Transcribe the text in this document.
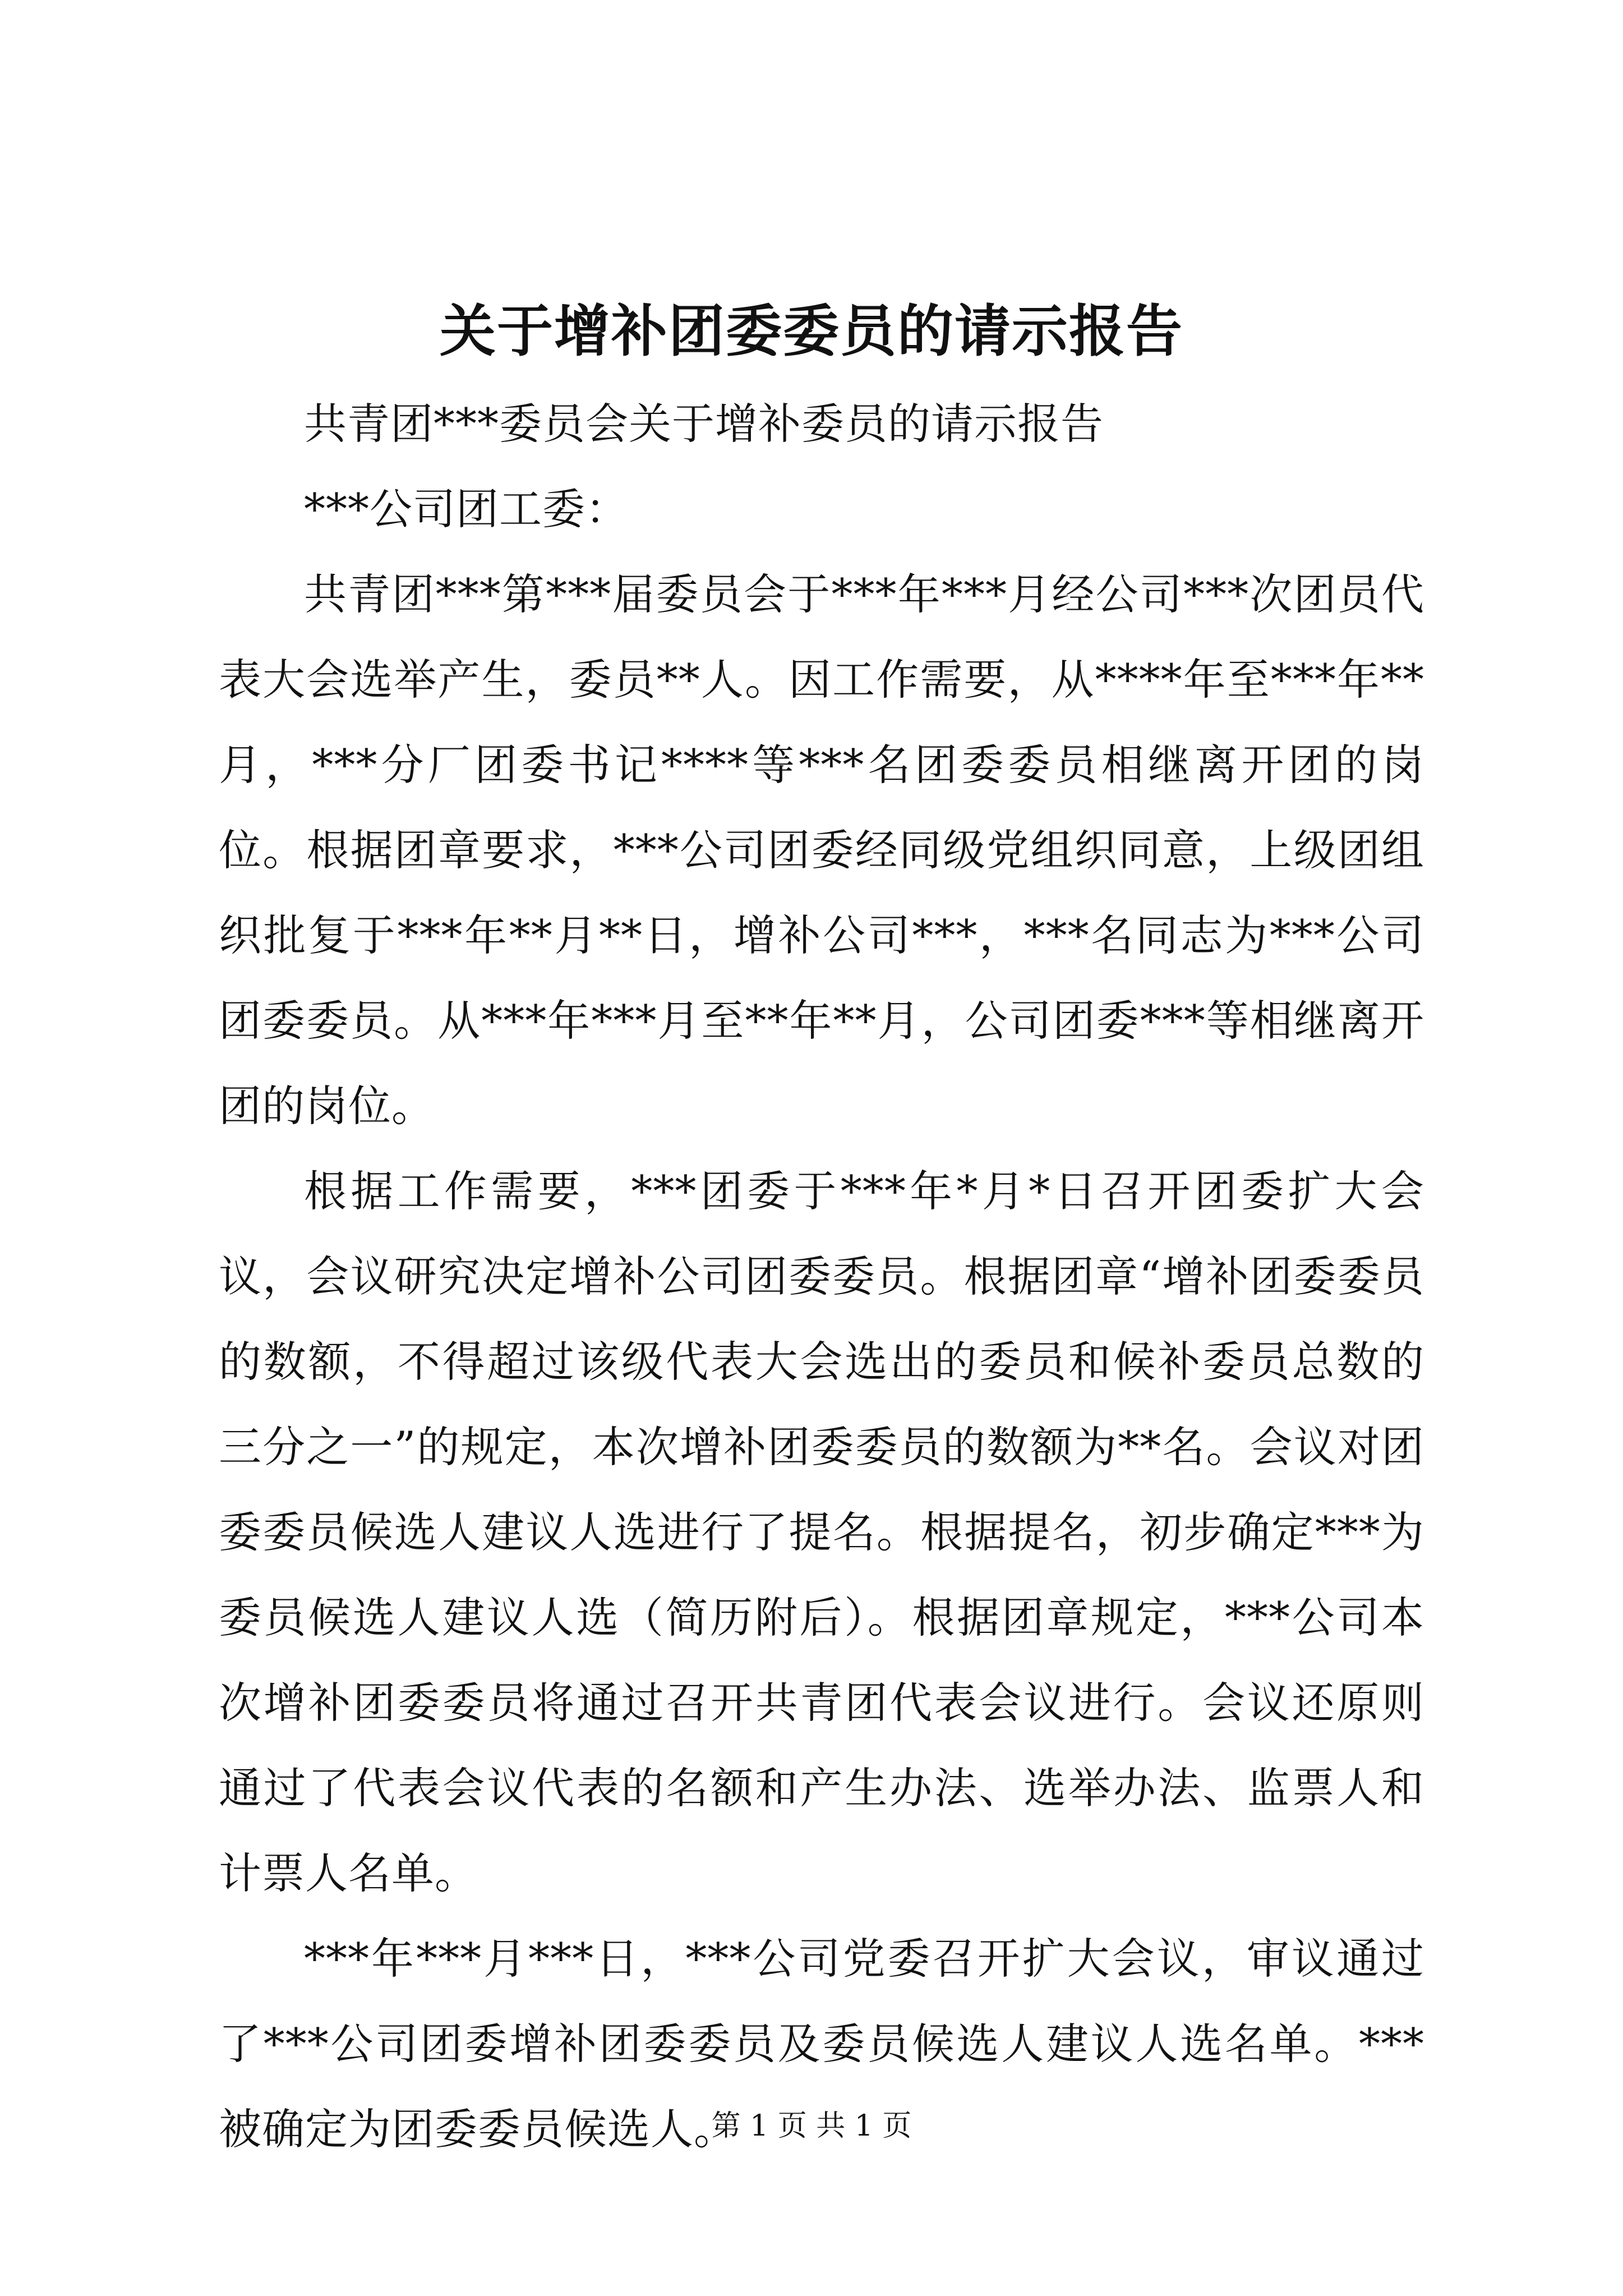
关于增补团委委员的请示报告

共青团***委员会关于增补委员的请示报告

***公司团工委：

共青团***第***届委员会于***年***月经公司***次团员代表大会选举产生，委员**人。因工作需要，从****年至***年**月，***分厂团委书记****等***名团委委员相继离开团的岗位。根据团章要求，***公司团委经同级党组织同意，上级团组织批复于***年**月**日，增补公司***，***名同志为***公司团委委员。从***年***月至**年**月，公司团委***等相继离开团的岗位。

根据工作需要，***团委于***年*月*日召开团委扩大会议，会议研究决定增补公司团委委员。根据团章“增补团委委员的数额，不得超过该级代表大会选出的委员和候补委员总数的三分之一”的规定，本次增补团委委员的数额为**名。会议对团委委员候选人建议人选进行了提名。根据提名，初步确定***为委员候选人建议人选（简历附后）。根据团章规定，***公司本次增补团委委员将通过召开共青团代表会议进行。会议还原则通过了代表会议代表的名额和产生办法、选举办法、监票人和计票人名单。

***年***月***日，***公司党委召开扩大会议，审议通过了***公司团委增补团委委员及委员候选人建议人选名单。***被确定为团委委员候选人。

第 1 页 共 1 页
